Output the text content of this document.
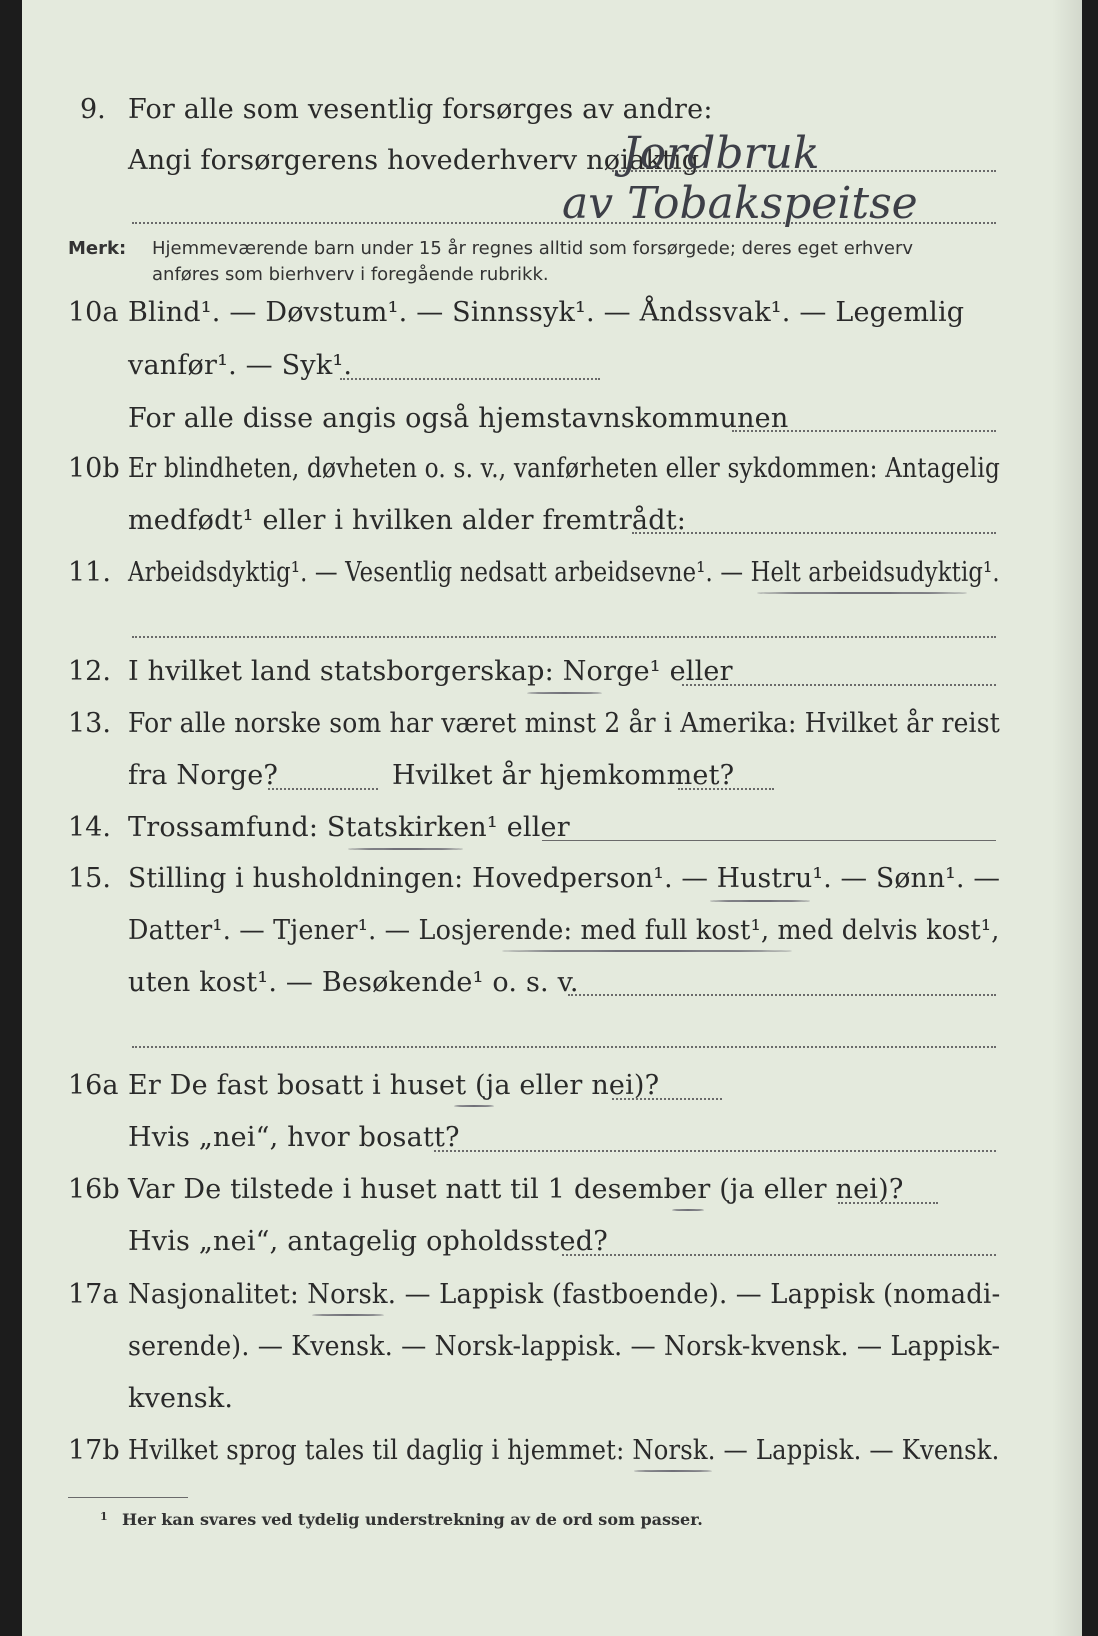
9. For alle som vesentlig forsørges av andre:
Angi forsørgerens hovederhverv nøiaktig
Jordbruk
av Tobakspeitse
Merk: Hjemmeværende barn under 15 år regnes alltid som forsørgede; deres eget erhverv
anføres som bierhverv i foregående rubrikk.
10a Blind¹. — Døvstum¹. — Sinnssyk¹. — Åndssvak¹. — Legemlig
vanfør¹. — Syk¹.
For alle disse angis også hjemstavnskommunen
10b Er blindheten, døvheten o. s. v., vanførheten eller sykdommen: Antagelig
medfødt¹ eller i hvilken alder fremtrådt:
11. Arbeidsdyktig¹. — Vesentlig nedsatt arbeidsevne¹. — Helt arbeidsudyktig¹.
12. I hvilket land statsborgerskap: Norge¹ eller
13. For alle norske som har været minst 2 år i Amerika: Hvilket år reist
fra Norge?	Hvilket år hjemkommet?
14. Trossamfund: Statskirken¹ eller
15. Stilling i husholdningen: Hovedperson¹. — Hustru¹. — Sønn¹. —
Datter¹. — Tjener¹. — Losjerende: med full kost¹, med delvis kost¹,
uten kost¹. — Besøkende¹ o. s. v.
16a Er De fast bosatt i huset (ja eller nei)?
Hvis „nei“, hvor bosatt?
16b Var De tilstede i huset natt til 1 desember (ja eller nei)?
Hvis „nei“, antagelig opholdssted?
17a Nasjonalitet: Norsk. — Lappisk (fastboende). — Lappisk (nomadi-
serende). — Kvensk. — Norsk-lappisk. — Norsk-kvensk. — Lappisk-
kvensk.
17b Hvilket sprog tales til daglig i hjemmet: Norsk. — Lappisk. — Kvensk.
1 Her kan svares ved tydelig understrekning av de ord som passer.
